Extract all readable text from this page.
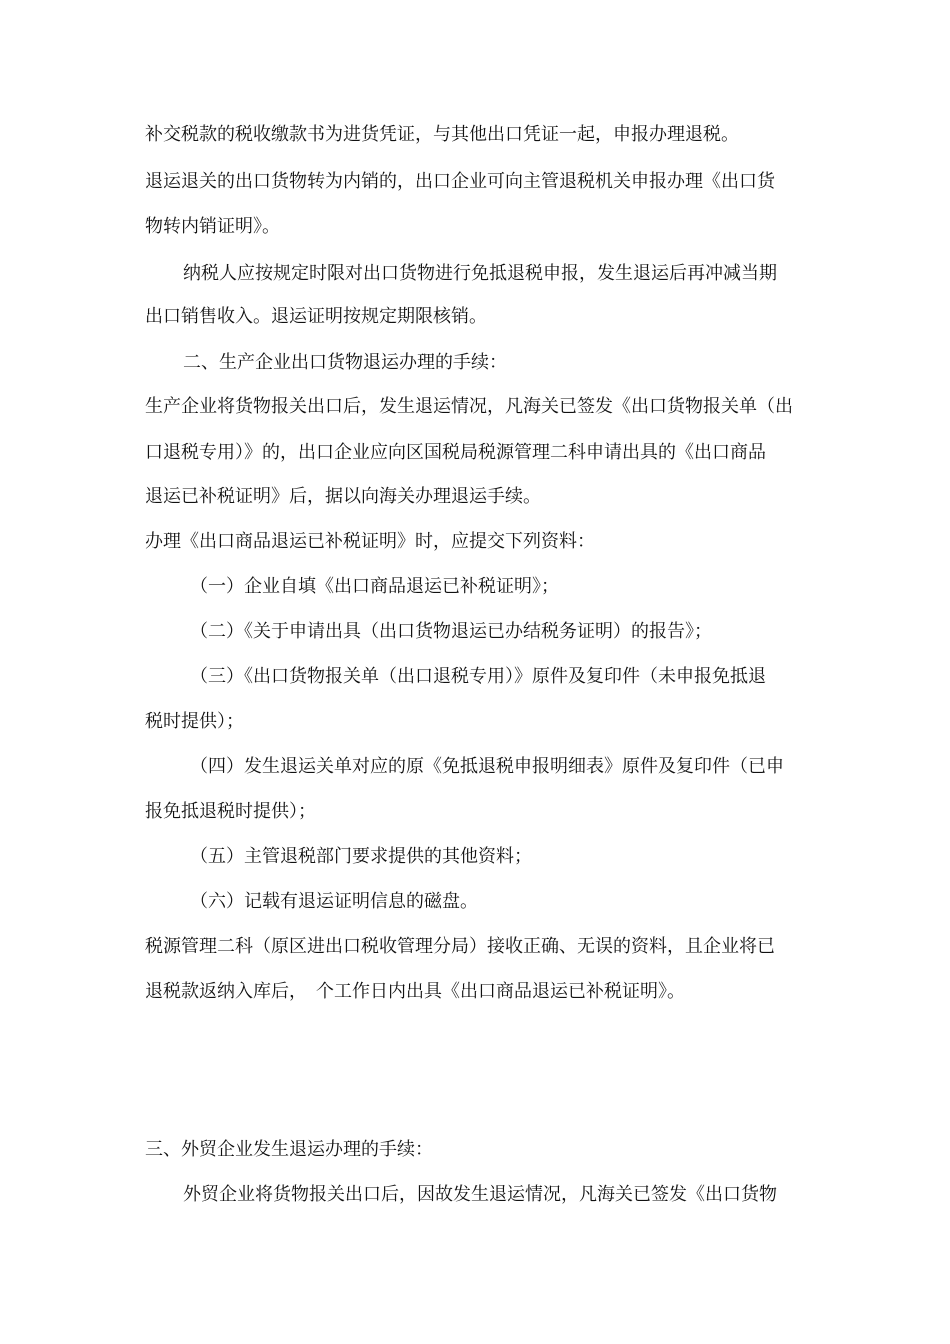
补交税款的税收缴款书为进货凭证，与其他出口凭证一起，申报办理退税。
退运退关的出口货物转为内销的，出口企业可向主管退税机关申报办理《出口货
物转内销证明》。
纳税人应按规定时限对出口货物进行免抵退税申报，发生退运后再冲减当期
出口销售收入。退运证明按规定期限核销。
二、生产企业出口货物退运办理的手续：
生产企业将货物报关出口后，发生退运情况，凡海关已签发《出口货物报关单（出
口退税专用）》的，出口企业应向区国税局税源管理二科申请出具的《出口商品
退运已补税证明》后，据以向海关办理退运手续。
办理《出口商品退运已补税证明》时，应提交下列资料：
（一）企业自填《出口商品退运已补税证明》；
（二）《关于申请出具（出口货物退运已办结税务证明）的报告》；
（三）《出口货物报关单（出口退税专用）》原件及复印件（未申报免抵退
税时提供）；
（四）发生退运关单对应的原《免抵退税申报明细表》原件及复印件（已申
报免抵退税时提供）；
（五）主管退税部门要求提供的其他资料；
（六）记载有退运证明信息的磁盘。
税源管理二科（原区进出口税收管理分局）接收正确、无误的资料，且企业将已
退税款返纳入库后，　个工作日内出具《出口商品退运已补税证明》。
三、外贸企业发生退运办理的手续：
外贸企业将货物报关出口后，因故发生退运情况，凡海关已签发《出口货物
